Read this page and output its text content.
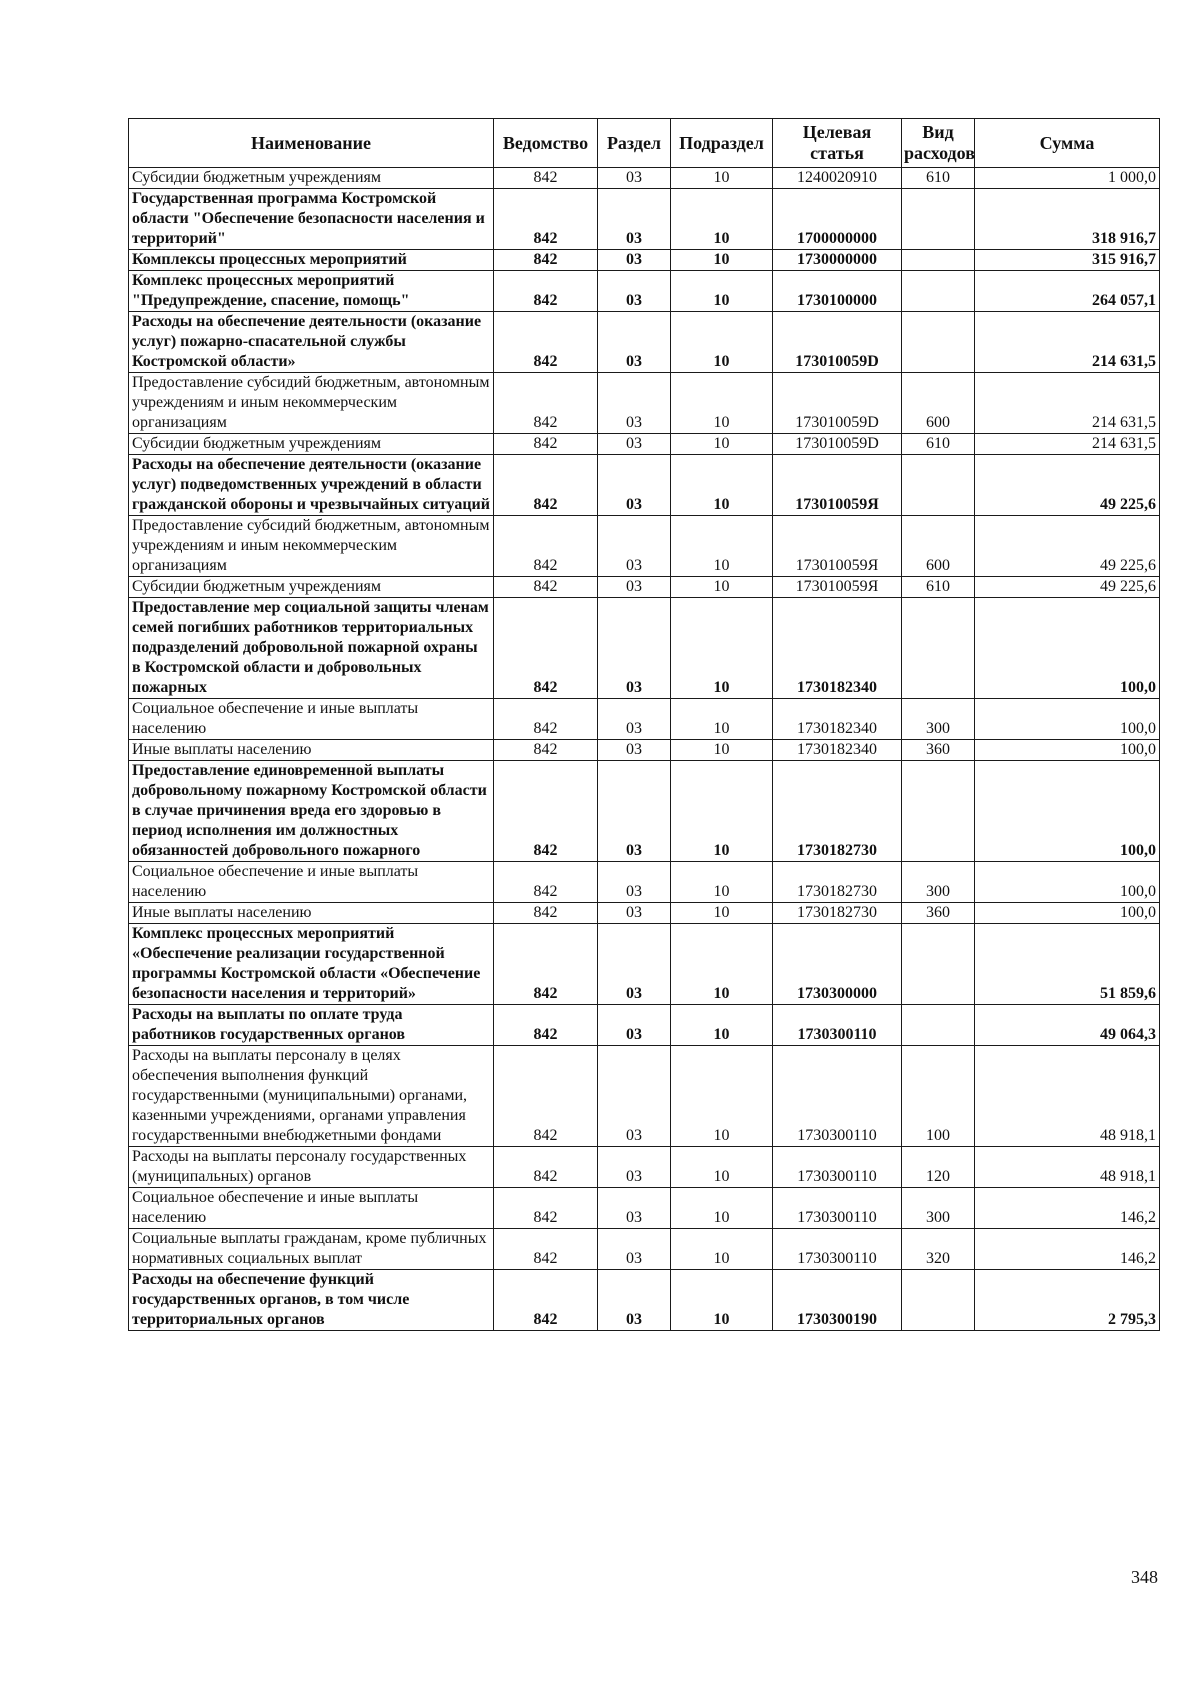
Наименование	Ведомство	Раздел	Подраздел	Целевая статья	Вид расходов	Сумма
Субсидии бюджетным учреждениям	842	03	10	1240020910	610	1 000,0
Государственная программа Костромской области "Обеспечение безопасности населения и территорий"	842	03	10	1700000000		318 916,7
Комплексы процессных мероприятий	842	03	10	1730000000		315 916,7
Комплекс процессных мероприятий "Предупреждение, спасение, помощь"	842	03	10	1730100000		264 057,1
Расходы на обеспечение деятельности (оказание услуг) пожарно-спасательной службы Костромской области»	842	03	10	173010059D		214 631,5
Предоставление субсидий бюджетным, автономным учреждениям и иным некоммерческим организациям	842	03	10	173010059D	600	214 631,5
Субсидии бюджетным учреждениям	842	03	10	173010059D	610	214 631,5
Расходы на обеспечение деятельности (оказание услуг) подведомственных учреждений в области гражданской обороны и чрезвычайных ситуаций	842	03	10	173010059Я		49 225,6
Предоставление субсидий бюджетным, автономным учреждениям и иным некоммерческим организациям	842	03	10	173010059Я	600	49 225,6
Субсидии бюджетным учреждениям	842	03	10	173010059Я	610	49 225,6
Предоставление мер социальной защиты членам семей погибших работников территориальных подразделений добровольной пожарной охраны в Костромской области и добровольных пожарных	842	03	10	1730182340		100,0
Социальное обеспечение и иные выплаты населению	842	03	10	1730182340	300	100,0
Иные выплаты населению	842	03	10	1730182340	360	100,0
Предоставление единовременной выплаты добровольному пожарному Костромской области в случае причинения вреда его здоровью в период исполнения им должностных обязанностей добровольного пожарного	842	03	10	1730182730		100,0
Социальное обеспечение и иные выплаты населению	842	03	10	1730182730	300	100,0
Иные выплаты населению	842	03	10	1730182730	360	100,0
Комплекс процессных мероприятий «Обеспечение реализации государственной программы Костромской области «Обеспечение безопасности населения и территорий»	842	03	10	1730300000		51 859,6
Расходы на выплаты по оплате труда работников государственных органов	842	03	10	1730300110		49 064,3
Расходы на выплаты персоналу в целях обеспечения выполнения функций государственными (муниципальными) органами, казенными учреждениями, органами управления государственными внебюджетными фондами	842	03	10	1730300110	100	48 918,1
Расходы на выплаты персоналу государственных (муниципальных) органов	842	03	10	1730300110	120	48 918,1
Социальное обеспечение и иные выплаты населению	842	03	10	1730300110	300	146,2
Социальные выплаты гражданам, кроме публичных нормативных социальных выплат	842	03	10	1730300110	320	146,2
Расходы на обеспечение функций государственных органов, в том числе территориальных органов	842	03	10	1730300190		2 795,3
348
